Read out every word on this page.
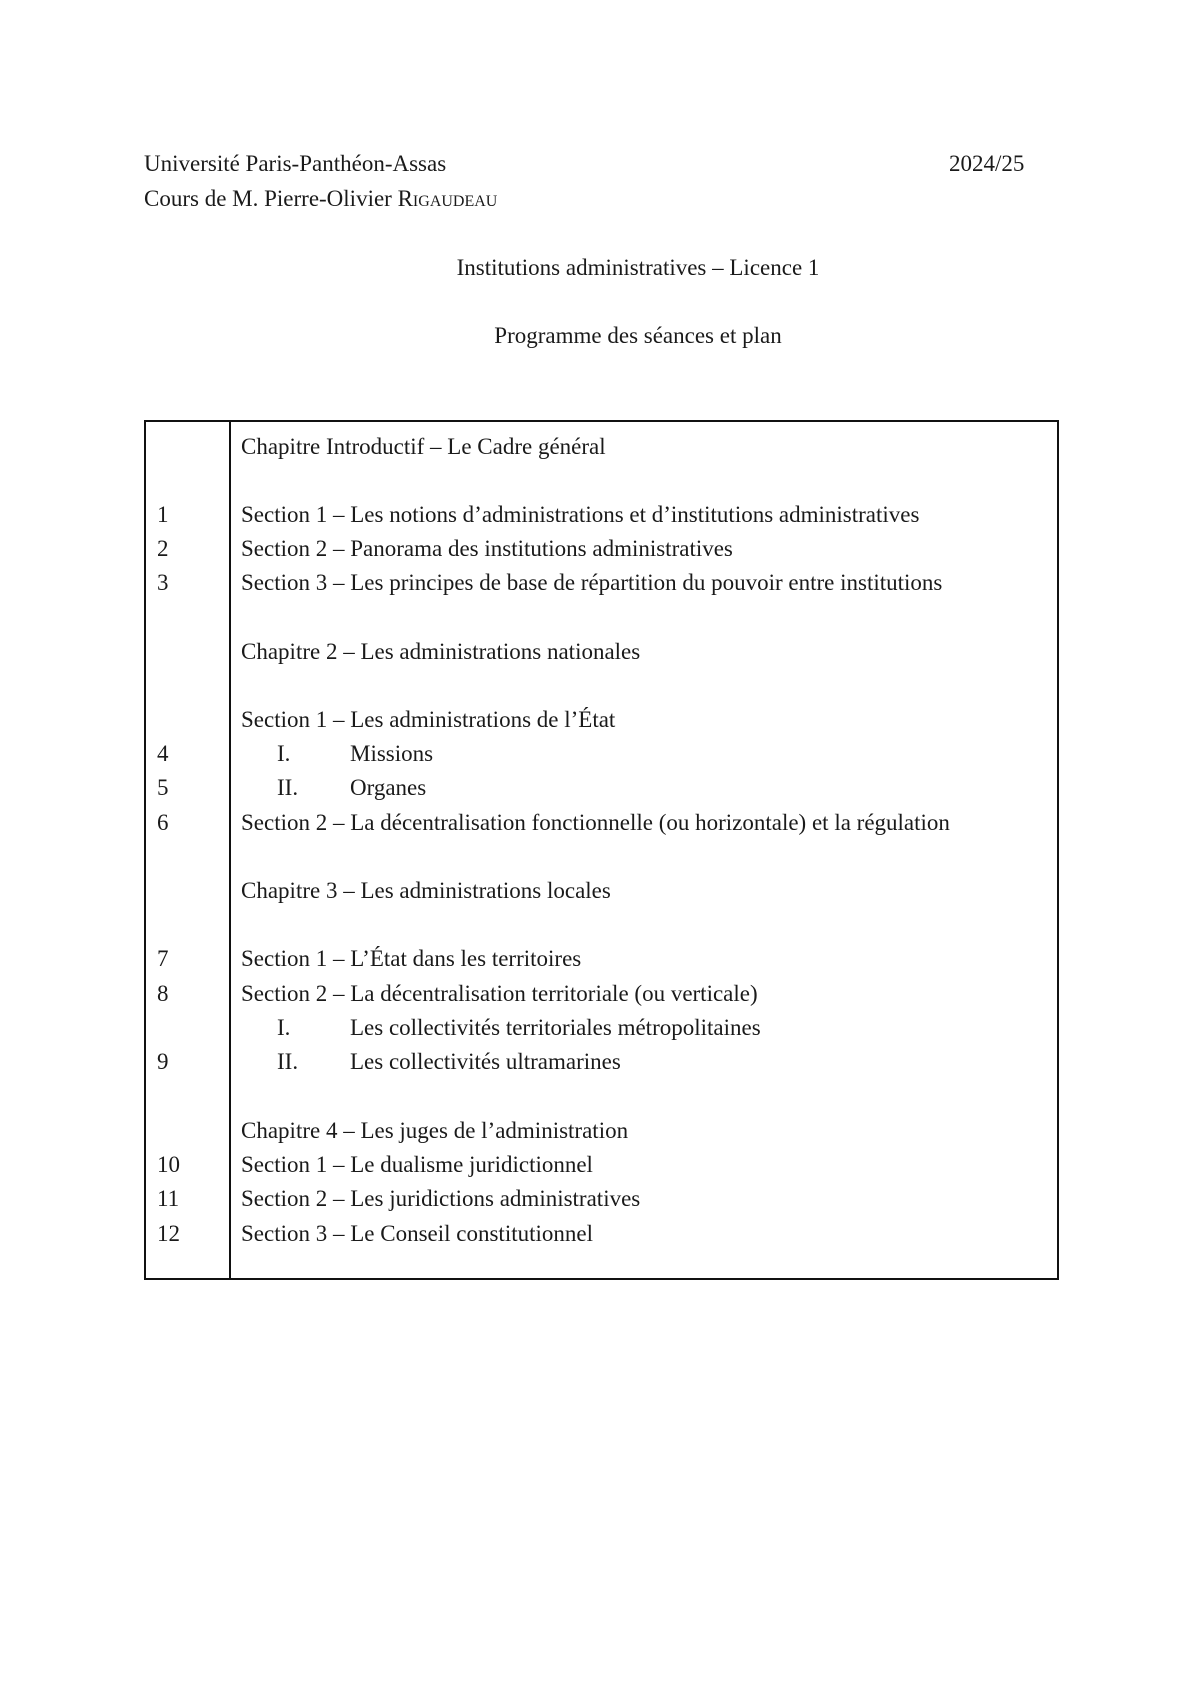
Université Paris-Panthéon-Assas	2024/25
Cours de M. Pierre-Olivier Rigaudeau
Institutions administratives – Licence 1
Programme des séances et plan
Chapitre Introductif – Le Cadre général
1	Section 1 – Les notions d’administrations et d’institutions administratives
2	Section 2 – Panorama des institutions administratives
3	Section 3 – Les principes de base de répartition du pouvoir entre institutions
Chapitre 2 – Les administrations nationales
Section 1 – Les administrations de l’État
4	I.	Missions
5	II. Organes
6	Section 2 – La décentralisation fonctionnelle (ou horizontale) et la régulation
Chapitre 3 – Les administrations locales
7	Section 1 – L’État dans les territoires
8	Section 2 – La décentralisation territoriale (ou verticale)
I.	Les collectivités territoriales métropolitaines
9	II. Les collectivités ultramarines
Chapitre 4 – Les juges de l’administration
10	Section 1 – Le dualisme juridictionnel
11	Section 2 – Les juridictions administratives
12	Section 3 – Le Conseil constitutionnel
